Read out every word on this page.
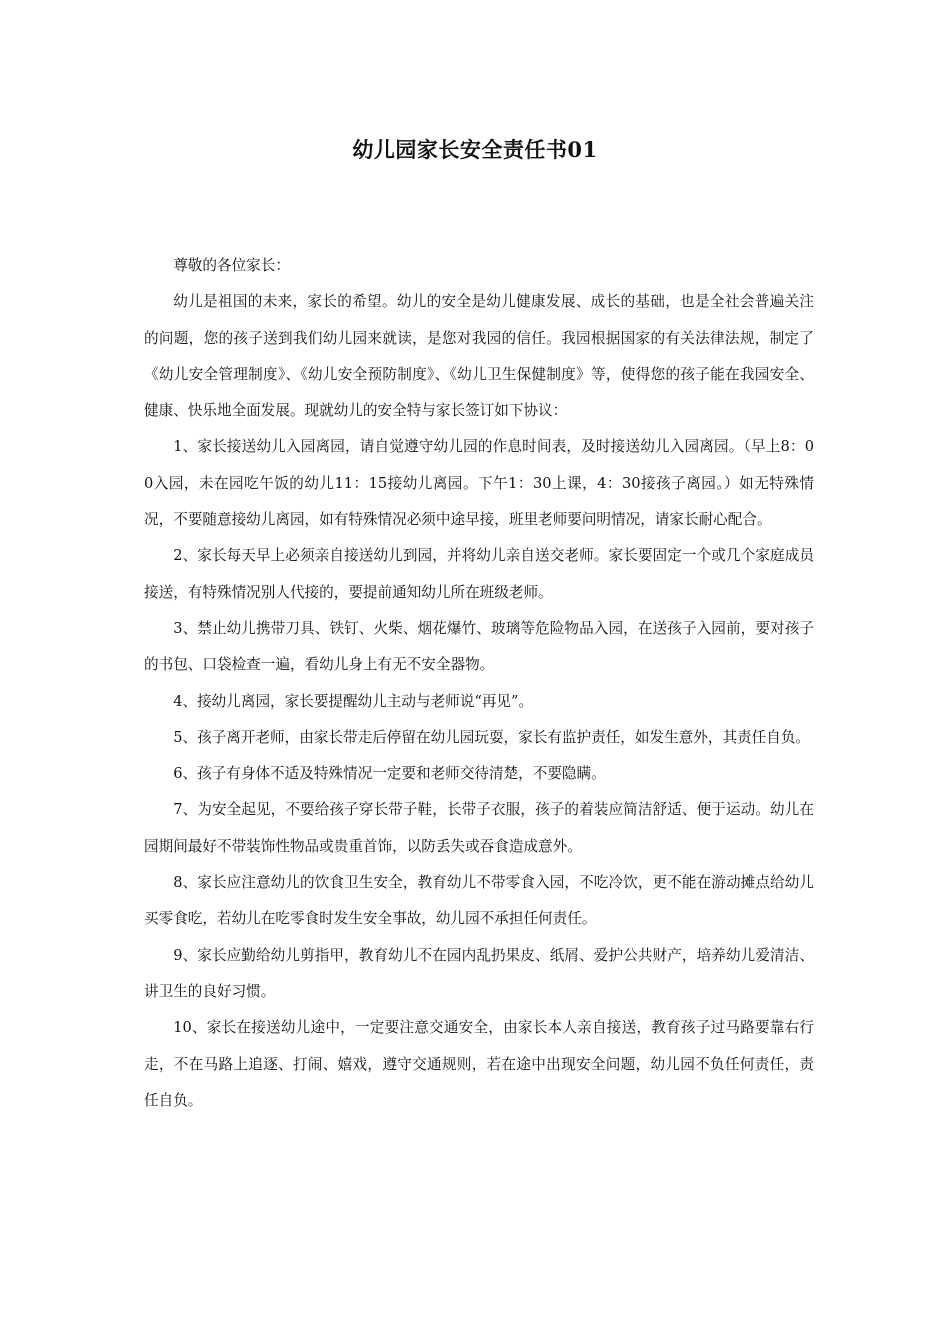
幼儿园家长安全责任书01

尊敬的各位家长：

幼儿是祖国的未来，家长的希望。幼儿的安全是幼儿健康发展、成长的基础，也是全社会普遍关注的问题，您的孩子送到我们幼儿园来就读，是您对我园的信任。我园根据国家的有关法律法规，制定了《幼儿安全管理制度》、《幼儿安全预防制度》、《幼儿卫生保健制度》等，使得您的孩子能在我园安全、健康、快乐地全面发展。现就幼儿的安全特与家长签订如下协议：

1、家长接送幼儿入园离园，请自觉遵守幼儿园的作息时间表，及时接送幼儿入园离园。（早上8：00入园，未在园吃午饭的幼儿11：15接幼儿离园。下午1：30上课，4：30接孩子离园。）如无特殊情况，不要随意接幼儿离园，如有特殊情况必须中途早接，班里老师要问明情况，请家长耐心配合。

2、家长每天早上必须亲自接送幼儿到园，并将幼儿亲自送交老师。家长要固定一个或几个家庭成员接送，有特殊情况别人代接的，要提前通知幼儿所在班级老师。

3、禁止幼儿携带刀具、铁钉、火柴、烟花爆竹、玻璃等危险物品入园，在送孩子入园前，要对孩子的书包、口袋检查一遍，看幼儿身上有无不安全器物。

4、接幼儿离园，家长要提醒幼儿主动与老师说“再见”。

5、孩子离开老师，由家长带走后停留在幼儿园玩耍，家长有监护责任，如发生意外，其责任自负。

6、孩子有身体不适及特殊情况一定要和老师交待清楚，不要隐瞒。

7、为安全起见，不要给孩子穿长带子鞋，长带子衣服，孩子的着装应简洁舒适、便于运动。幼儿在园期间最好不带装饰性物品或贵重首饰，以防丢失或吞食造成意外。

8、家长应注意幼儿的饮食卫生安全，教育幼儿不带零食入园，不吃冷饮，更不能在游动摊点给幼儿买零食吃，若幼儿在吃零食时发生安全事故，幼儿园不承担任何责任。

9、家长应勤给幼儿剪指甲，教育幼儿不在园内乱扔果皮、纸屑、爱护公共财产，培养幼儿爱清洁、讲卫生的良好习惯。

10、家长在接送幼儿途中，一定要注意交通安全，由家长本人亲自接送，教育孩子过马路要靠右行走，不在马路上追逐、打闹、嬉戏，遵守交通规则，若在途中出现安全问题，幼儿园不负任何责任，责任自负。
